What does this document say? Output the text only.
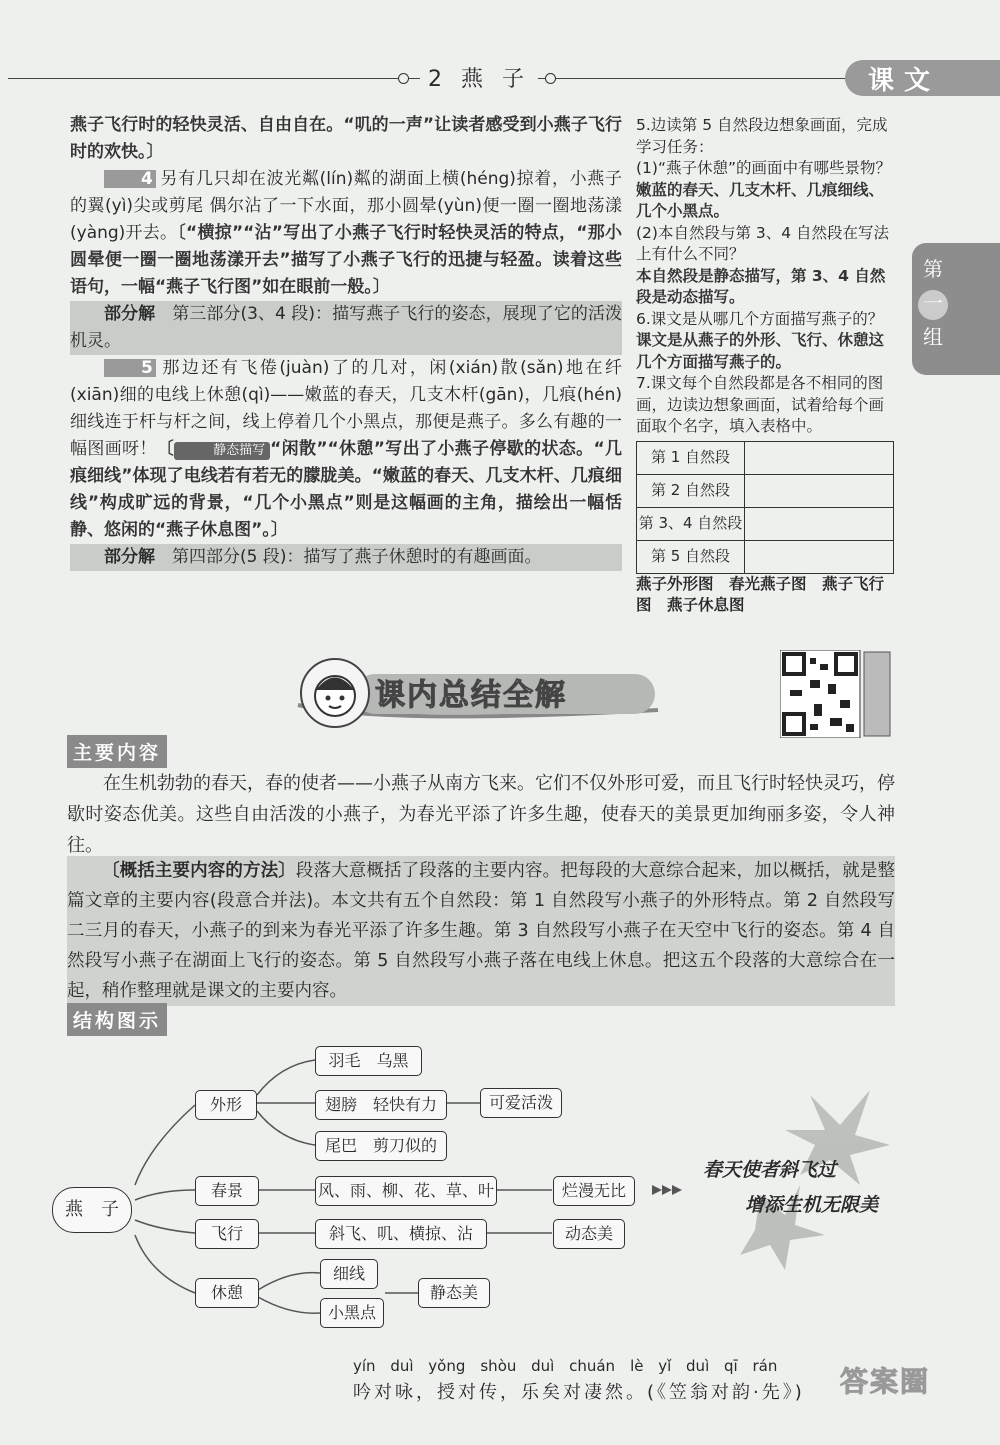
2 燕 子	课文
第
一
组

燕子飞行时的轻快灵活、自由自在。“叽的一声”让读者感受到小燕子飞行时的欢快。〕

4 另有几只却在波光粼(lín)粼的湖面上横(héng)掠着，小燕子的翼(yì)尖或剪尾 偶尔沾了一下水面，那小圆晕(yùn)便一圈一圈地荡漾(yàng)开去。〔“横掠”“沾”写出了小燕子飞行时轻快灵活的特点，“那小圆晕便一圈一圈地荡漾开去”描写了小燕子飞行的迅捷与轻盈。读着这些语句，一幅“燕子飞行图”如在眼前一般。〕

部分解　 第三部分(3、4 段)：描写燕子飞行的姿态，展现了它的活泼机灵。

5 那边还有飞倦(juàn)了的几对，闲(xián)散(sǎn)地在纤(xiān)细的电线上休憩(qì)——嫩蓝的春天，几支木杆(gān)，几痕(hén)细线连于杆与杆之间，线上停着几个小黑点，那便是燕子。多么有趣的一幅图画呀！〔	静态描写 “闲散”“休憩”写出了小燕子停歇的状态。“几痕细线”体现了电线若有若无的朦胧美。“嫩蓝的春天、几支木杆、几痕细线”构成旷远的背景，“几个小黑点”则是这幅画的主角，描绘出一幅恬静、悠闲的“燕子休息图”。〕

部分解　 第四部分(5 段)：描写了燕子休憩时的有趣画面。

5.边读第 5 自然段边想象画面，完成学习任务：

(1)“燕子休憩”的画面中有哪些景物？

嫩蓝的春天、几支木杆、几痕细线、几个小黑点。

(2)本自然段与第 3、4 自然段在写法上有什么不同？

本自然段是静态描写，第 3、4 自然段是动态描写。

6.课文是从哪几个方面描写燕子的？

课文是从燕子的外形、飞行、休憩这几个方面描写燕子的。

7.课文每个自然段都是各不相同的图画，边读边想象画面，试着给每个画面取个名字，填入表格中。

第 1 自然段	
第 2 自然段	
第 3、4 自然段	
第 5 自然段	

燕子外形图　春光燕子图　燕子飞行图　燕子休息图

课内总结全解
主要内容
在生机勃勃的春天，春的使者——小燕子从南方飞来。它们不仅外形可爱，而且飞行时轻快灵巧，停歇时姿态优美。这些自由活泼的小燕子，为春光平添了许多生趣，使春天的美景更加绚丽多姿，令人神往。
〔概括主要内容的方法〕段落大意概括了段落的主要内容。把每段的大意综合起来，加以概括，就是整篇文章的主要内容(段意合并法)。本文共有五个自然段：第 1 自然段写小燕子的外形特点。第 2 自然段写二三月的春天，小燕子的到来为春光平添了许多生趣。第 3 自然段写小燕子在天空中飞行的姿态。第 4 自然段写小燕子在湖面上飞行的姿态。第 5 自然段写小燕子落在电线上休息。把这五个段落的大意综合在一起，稍作整理就是课文的主要内容。
结构图示
燕　子
外形
春景
飞行
休憩
羽毛　乌黑
翅膀　轻快有力
尾巴　剪刀似的
可爱活泼
风、雨、柳、花、草、叶	烂漫无比
斜飞、叽、横掠、沾	动态美
细线
小黑点
静态美
春天使者斜飞过
增添生机无限美
yín duì yǒng　shòu duì chuán　lè yǐ duì qī rán
吟对咏，授对传，乐矣对凄然。(《笠翁对韵·先》) 答案圈
